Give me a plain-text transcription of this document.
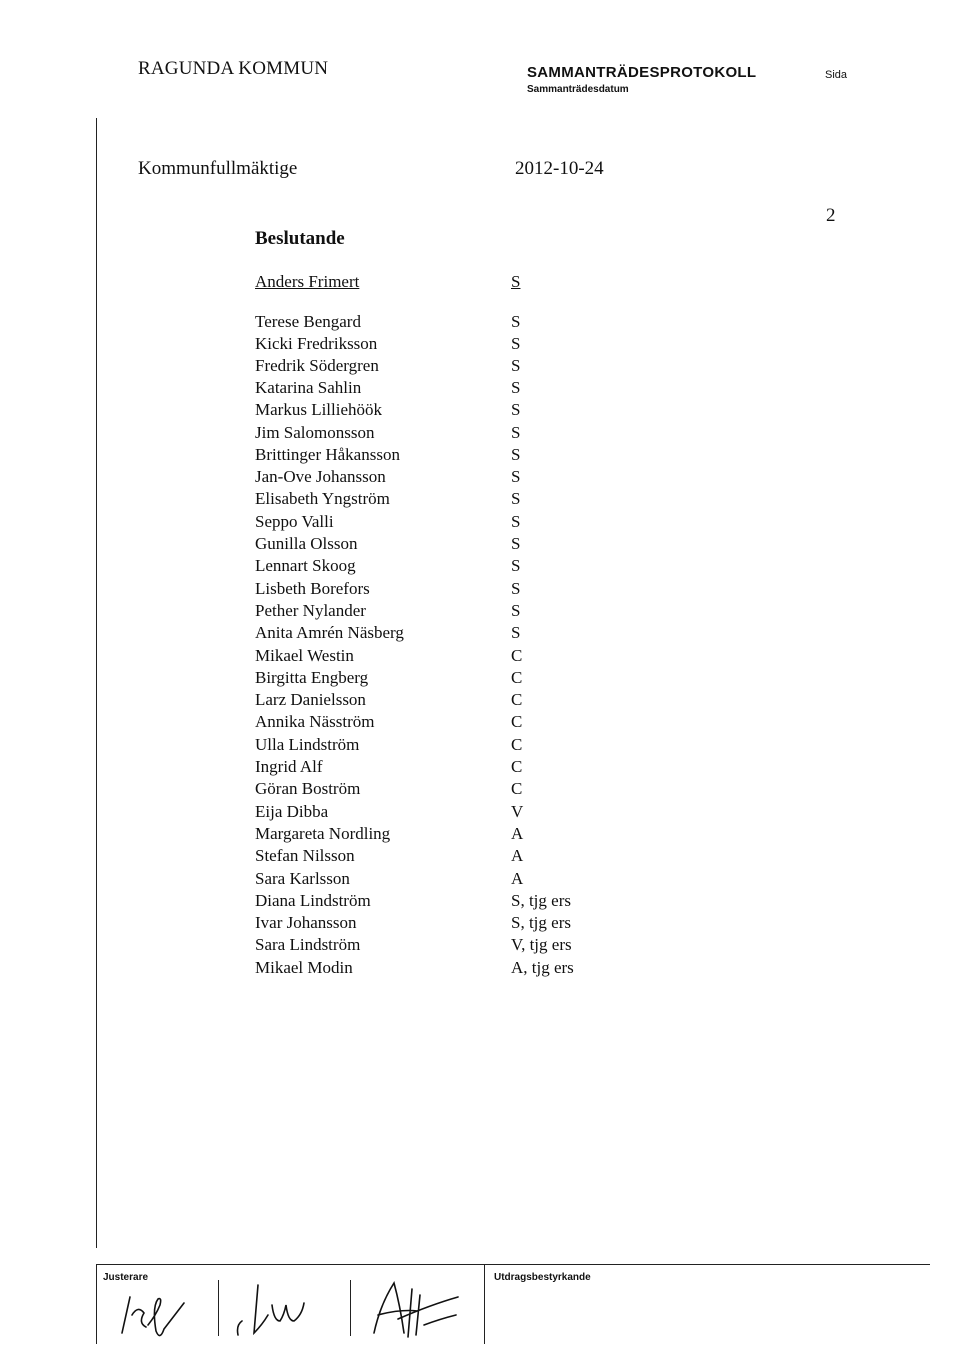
RAGUNDA KOMMUN	SAMMANTRÄDESPROTOKOLL
Sammanträdesdatum
Sida
Kommunfullmäktige	2012-10-24
2
Beslutande
Anders Frimert	S
Terese Bengard	S
Kicki Fredriksson	S
Fredrik Södergren	S
Katarina Sahlin	S
Markus Lilliehöök	S
Jim Salomonsson	S
Brittinger Håkansson	S
Jan-Ove Johansson	S
Elisabeth Yngström	S
Seppo Valli	S
Gunilla Olsson	S
Lennart Skoog	S
Lisbeth Borefors	S
Pether Nylander	S
Anita Amrén Näsberg	S
Mikael Westin	C
Birgitta Engberg	C
Larz Danielsson	C
Annika Näsström	C
Ulla Lindström	C
Ingrid Alf	C
Göran Boström	C
Eija Dibba	V
Margareta Nordling	A
Stefan Nilsson	A
Sara Karlsson	A
Diana Lindström	S, tjg ers
Ivar Johansson	S, tjg ers
Sara Lindström	V, tjg ers
Mikael Modin	A, tjg ers
Justerare	Utdragsbestyrkande
